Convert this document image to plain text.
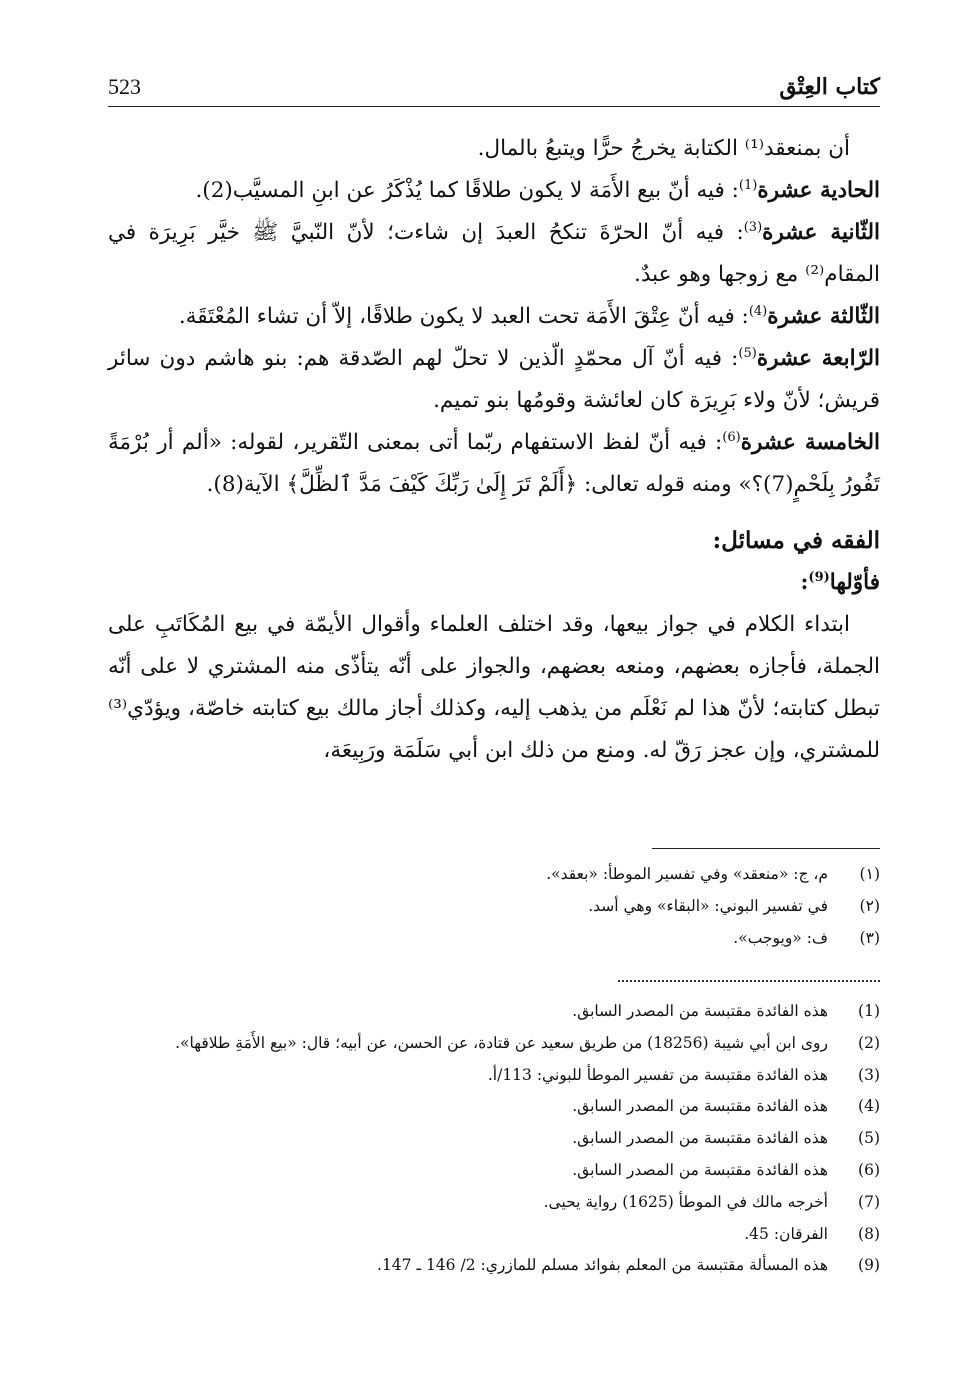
523	كتاب العِتْق

أن بمنعقد⁽¹⁾ الكتابة يخرجُ حرًّا ويتبعُ بالمال.

الحادية عشرة$^{(1)}$: فيه أنّ بيع الأَمَة لا يكون طلاقًا كما يُذْكَرُ عن ابنِ المسيَّب(2).

الثّانية عشرة$^{(3)}$: فيه أنّ الحرّةَ تنكحُ العبدَ إن شاءت؛ لأنّ النّبيَّ ﷺ خيَّر بَرِيرَة في المقام⁽²⁾ مع زوجها وهو عبدٌ.

الثّالثة عشرة$^{(4)}$: فيه أنّ عِتْقَ الأَمَة تحت العبد لا يكون طلاقًا، إلاّ أن تشاء المُعْتَقَة.

الرّابعة عشرة$^{(5)}$: فيه أنّ آل محمّدٍ الّذين لا تحلّ لهم الصّدقة هم: بنو هاشم دون سائر قريش؛ لأنّ ولاء بَرِيرَة كان لعائشة وقومُها بنو تميم.

الخامسة عشرة$^{(6)}$: فيه أنّ لفظ الاستفهام ربّما أتى بمعنى التّقرير، لقوله: «ألم أر بُرْمَةً تَفُورُ بِلَحْمٍ(7)؟» ومنه قوله تعالى: ﴿أَلَمْ تَرَ إِلَىٰ رَبِّكَ كَيْفَ مَدَّ ٱلظِّلَّ﴾ الآية(8).

الفقه في مسائل:

فأوّلها$^{(9)}$:

ابتداء الكلام في جواز بيعها، وقد اختلف العلماء وأقوال الأيمّة في بيع المُكَاتَبِ على الجملة، فأجازه بعضهم، ومنعه بعضهم، والجواز على أنّه يتأذّى منه المشتري لا على أنّه تبطل كتابته؛ لأنّ هذا لم نَعْلَم من يذهب إليه، وكذلك أجاز مالك بيع كتابته خاصّة، ويؤدّي⁽³⁾ للمشتري، وإن عجز رَقّ له. ومنع من ذلك ابن أبي سَلَمَة ورَبِيعَة،

(١)
م، ج: «منعقد» وفي تفسير الموطأ: «بعقد».
(٢)
في تفسير البوني: «البقاء» وهي أسد.
(٣)
ف: «ويوجب».
(1)
هذه الفائدة مقتبسة من المصدر السابق.
(2)
روى ابن أبي شيبة (18256) من طريق سعيد عن قتادة، عن الحسن، عن أبيه؛ قال: «بيع الأَمَةِ طلاقها».
(3)
هذه الفائدة مقتبسة من تفسير الموطأ للبوني: 113/أ.
(4)
هذه الفائدة مقتبسة من المصدر السابق.
(5)
هذه الفائدة مقتبسة من المصدر السابق.
(6)
هذه الفائدة مقتبسة من المصدر السابق.
(7)
أخرجه مالك في الموطأ (1625) رواية يحيى.
(8)
الفرقان: 45.
(9)
هذه المسألة مقتبسة من المعلم بفوائد مسلم للمازري: 2/ 146 ـ 147.
